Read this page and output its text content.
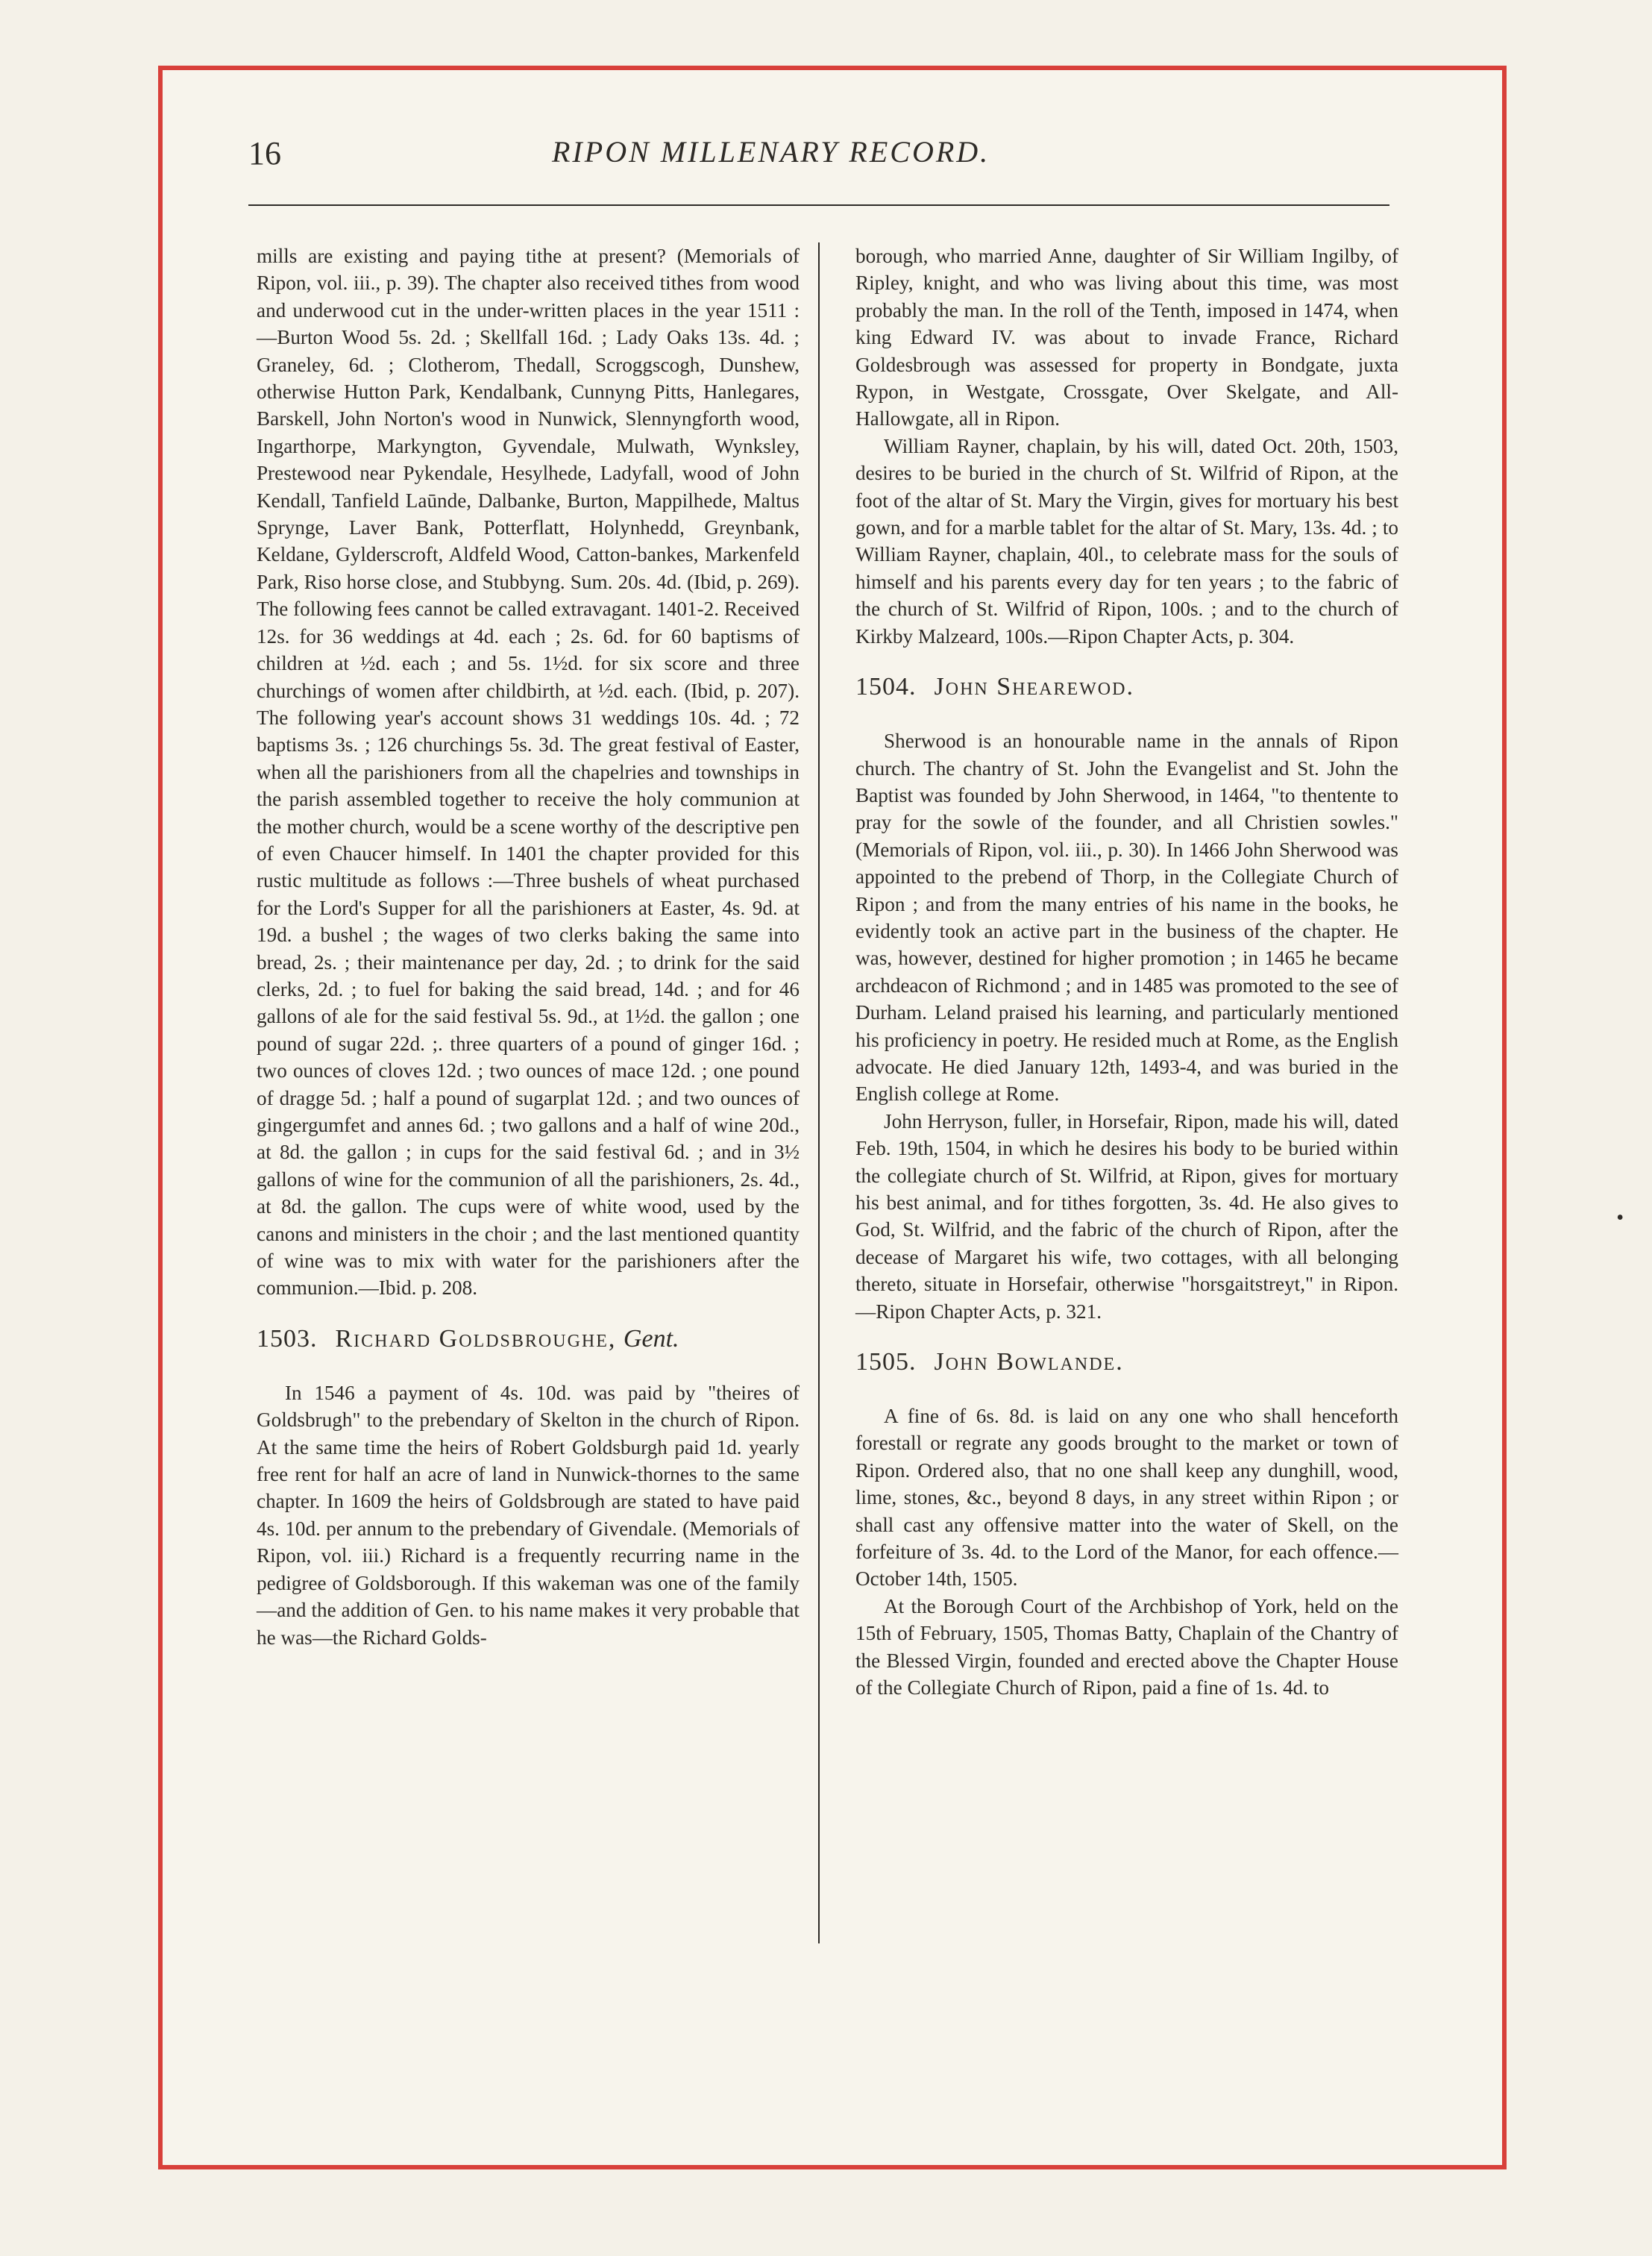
16	RIPON MILLENARY RECORD.

mills are existing and paying tithe at present? (Memorials of Ripon, vol. iii., p. 39). The chapter also received tithes from wood and underwood cut in the under-written places in the year 1511 :—Burton Wood 5s. 2d. ; Skellfall 16d. ; Lady Oaks 13s. 4d. ; Graneley, 6d. ; Clotherom, Thedall, Scroggscogh, Dunshew, otherwise Hutton Park, Kendalbank, Cunnyng Pitts, Hanlegares, Barskell, John Norton's wood in Nunwick, Slennyngforth wood, Ingarthorpe, Markyngton, Gyvendale, Mulwath, Wynksley, Prestewood near Pykendale, Hesylhede, Ladyfall, wood of John Kendall, Tanfield Laūnde, Dalbanke, Burton, Mappilhede, Maltus Sprynge, Laver Bank, Potterflatt, Holynhedd, Greynbank, Keldane, Gylderscroft, Aldfeld Wood, Catton-bankes, Markenfeld Park, Riso horse close, and Stubbyng. Sum. 20s. 4d. (Ibid, p. 269). The following fees cannot be called extravagant. 1401-2. Received 12s. for 36 weddings at 4d. each ; 2s. 6d. for 60 baptisms of children at ½d. each ; and 5s. 1½d. for six score and three churchings of women after childbirth, at ½d. each. (Ibid, p. 207). The following year's account shows 31 weddings 10s. 4d. ; 72 baptisms 3s. ; 126 churchings 5s. 3d. The great festival of Easter, when all the parishioners from all the chapelries and townships in the parish assembled together to receive the holy communion at the mother church, would be a scene worthy of the descriptive pen of even Chaucer himself. In 1401 the chapter provided for this rustic multitude as follows :—Three bushels of wheat purchased for the Lord's Supper for all the parishioners at Easter, 4s. 9d. at 19d. a bushel ; the wages of two clerks baking the same into bread, 2s. ; their maintenance per day, 2d. ; to drink for the said clerks, 2d. ; to fuel for baking the said bread, 14d. ; and for 46 gallons of ale for the said festival 5s. 9d., at 1½d. the gallon ; one pound of sugar 22d. ;. three quarters of a pound of ginger 16d. ; two ounces of cloves 12d. ; two ounces of mace 12d. ; one pound of dragge 5d. ; half a pound of sugarplat 12d. ; and two ounces of gingergumfet and annes 6d. ; two gallons and a half of wine 20d., at 8d. the gallon ; in cups for the said festival 6d. ; and in 3½ gallons of wine for the communion of all the parishioners, 2s. 4d., at 8d. the gallon. The cups were of white wood, used by the canons and ministers in the choir ; and the last mentioned quantity of wine was to mix with water for the parishioners after the communion.—Ibid. p. 208.

1503. Richard Goldsbroughe, Gent.

In 1546 a payment of 4s. 10d. was paid by "theires of Goldsbrugh" to the prebendary of Skelton in the church of Ripon. At the same time the heirs of Robert Goldsburgh paid 1d. yearly free rent for half an acre of land in Nunwick-thornes to the same chapter. In 1609 the heirs of Goldsbrough are stated to have paid 4s. 10d. per annum to the prebendary of Givendale. (Memorials of Ripon, vol. iii.) Richard is a frequently recurring name in the pedigree of Goldsborough. If this wakeman was one of the family—and the addition of Gen. to his name makes it very probable that he was—the Richard Golds-

borough, who married Anne, daughter of Sir William Ingilby, of Ripley, knight, and who was living about this time, was most probably the man. In the roll of the Tenth, imposed in 1474, when king Edward IV. was about to invade France, Richard Goldesbrough was assessed for property in Bondgate, juxta Rypon, in Westgate, Crossgate, Over Skelgate, and All-Hallowgate, all in Ripon.

William Rayner, chaplain, by his will, dated Oct. 20th, 1503, desires to be buried in the church of St. Wilfrid of Ripon, at the foot of the altar of St. Mary the Virgin, gives for mortuary his best gown, and for a marble tablet for the altar of St. Mary, 13s. 4d. ; to William Rayner, chaplain, 40l., to celebrate mass for the souls of himself and his parents every day for ten years ; to the fabric of the church of St. Wilfrid of Ripon, 100s. ; and to the church of Kirkby Malzeard, 100s.—Ripon Chapter Acts, p. 304.

1504. John Shearewod.

Sherwood is an honourable name in the annals of Ripon church. The chantry of St. John the Evangelist and St. John the Baptist was founded by John Sherwood, in 1464, "to thentente to pray for the sowle of the founder, and all Christien sowles." (Memorials of Ripon, vol. iii., p. 30). In 1466 John Sherwood was appointed to the prebend of Thorp, in the Collegiate Church of Ripon ; and from the many entries of his name in the books, he evidently took an active part in the business of the chapter. He was, however, destined for higher promotion ; in 1465 he became archdeacon of Richmond ; and in 1485 was promoted to the see of Durham. Leland praised his learning, and particularly mentioned his proficiency in poetry. He resided much at Rome, as the English advocate. He died January 12th, 1493-4, and was buried in the English college at Rome.

John Herryson, fuller, in Horsefair, Ripon, made his will, dated Feb. 19th, 1504, in which he desires his body to be buried within the collegiate church of St. Wilfrid, at Ripon, gives for mortuary his best animal, and for tithes forgotten, 3s. 4d. He also gives to God, St. Wilfrid, and the fabric of the church of Ripon, after the decease of Margaret his wife, two cottages, with all belonging thereto, situate in Horsefair, otherwise "horsgaitstreyt," in Ripon.—Ripon Chapter Acts, p. 321.

1505. John Bowlande.

A fine of 6s. 8d. is laid on any one who shall henceforth forestall or regrate any goods brought to the market or town of Ripon. Ordered also, that no one shall keep any dunghill, wood, lime, stones, &c., beyond 8 days, in any street within Ripon ; or shall cast any offensive matter into the water of Skell, on the forfeiture of 3s. 4d. to the Lord of the Manor, for each offence.—October 14th, 1505.

At the Borough Court of the Archbishop of York, held on the 15th of February, 1505, Thomas Batty, Chaplain of the Chantry of the Blessed Virgin, founded and erected above the Chapter House of the Collegiate Church of Ripon, paid a fine of 1s. 4d. to

•
